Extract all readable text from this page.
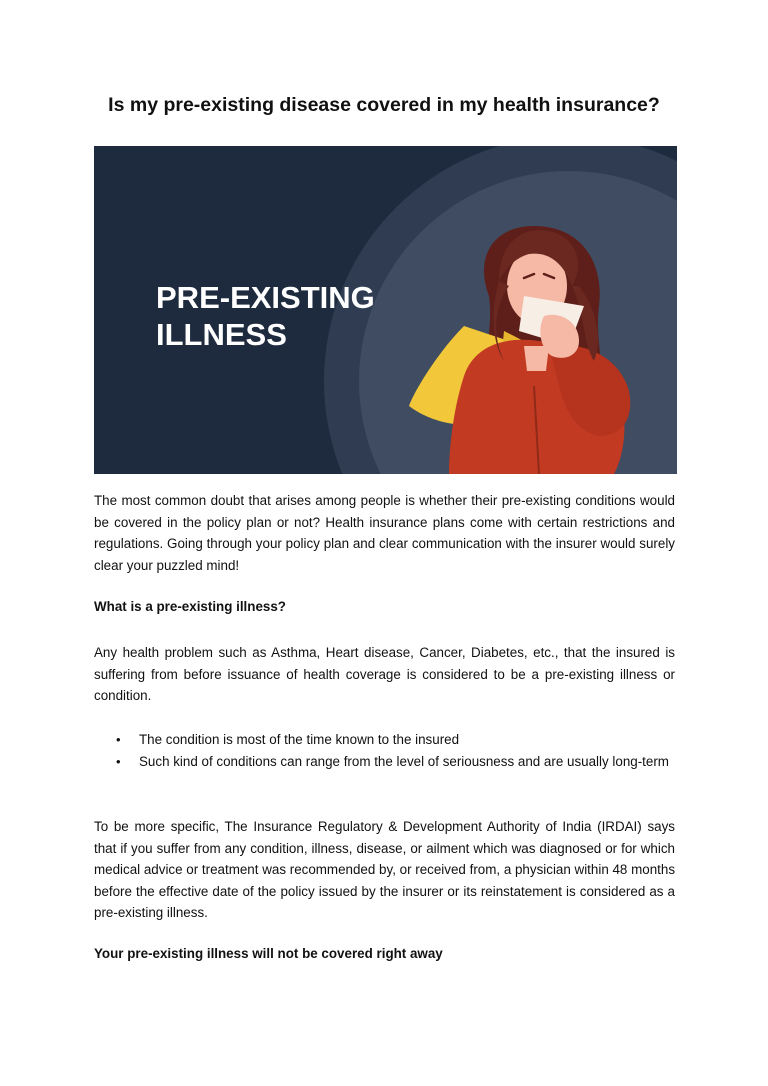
Is my pre-existing disease covered in my health insurance?
PRE-EXISTING
ILLNESS

The most common doubt that arises among people is whether their pre-existing conditions would be covered in the policy plan or not? Health insurance plans come with certain restrictions and regulations. Going through your policy plan and clear communication with the insurer would surely clear your puzzled mind!

What is a pre-existing illness?

Any health problem such as Asthma, Heart disease, Cancer, Diabetes, etc., that the insured is suffering from before issuance of health coverage is considered to be a pre-existing illness or condition.

• The condition is most of the time known to the insured
• Such kind of conditions can range from the level of seriousness and are usually long-term

To be more specific, The Insurance Regulatory & Development Authority of India (IRDAI) says that if you suffer from any condition, illness, disease, or ailment which was diagnosed or for which medical advice or treatment was recommended by, or received from, a physician within 48 months before the effective date of the policy issued by the insurer or its reinstatement is considered as a pre-existing illness.

Your pre-existing illness will not be covered right away
